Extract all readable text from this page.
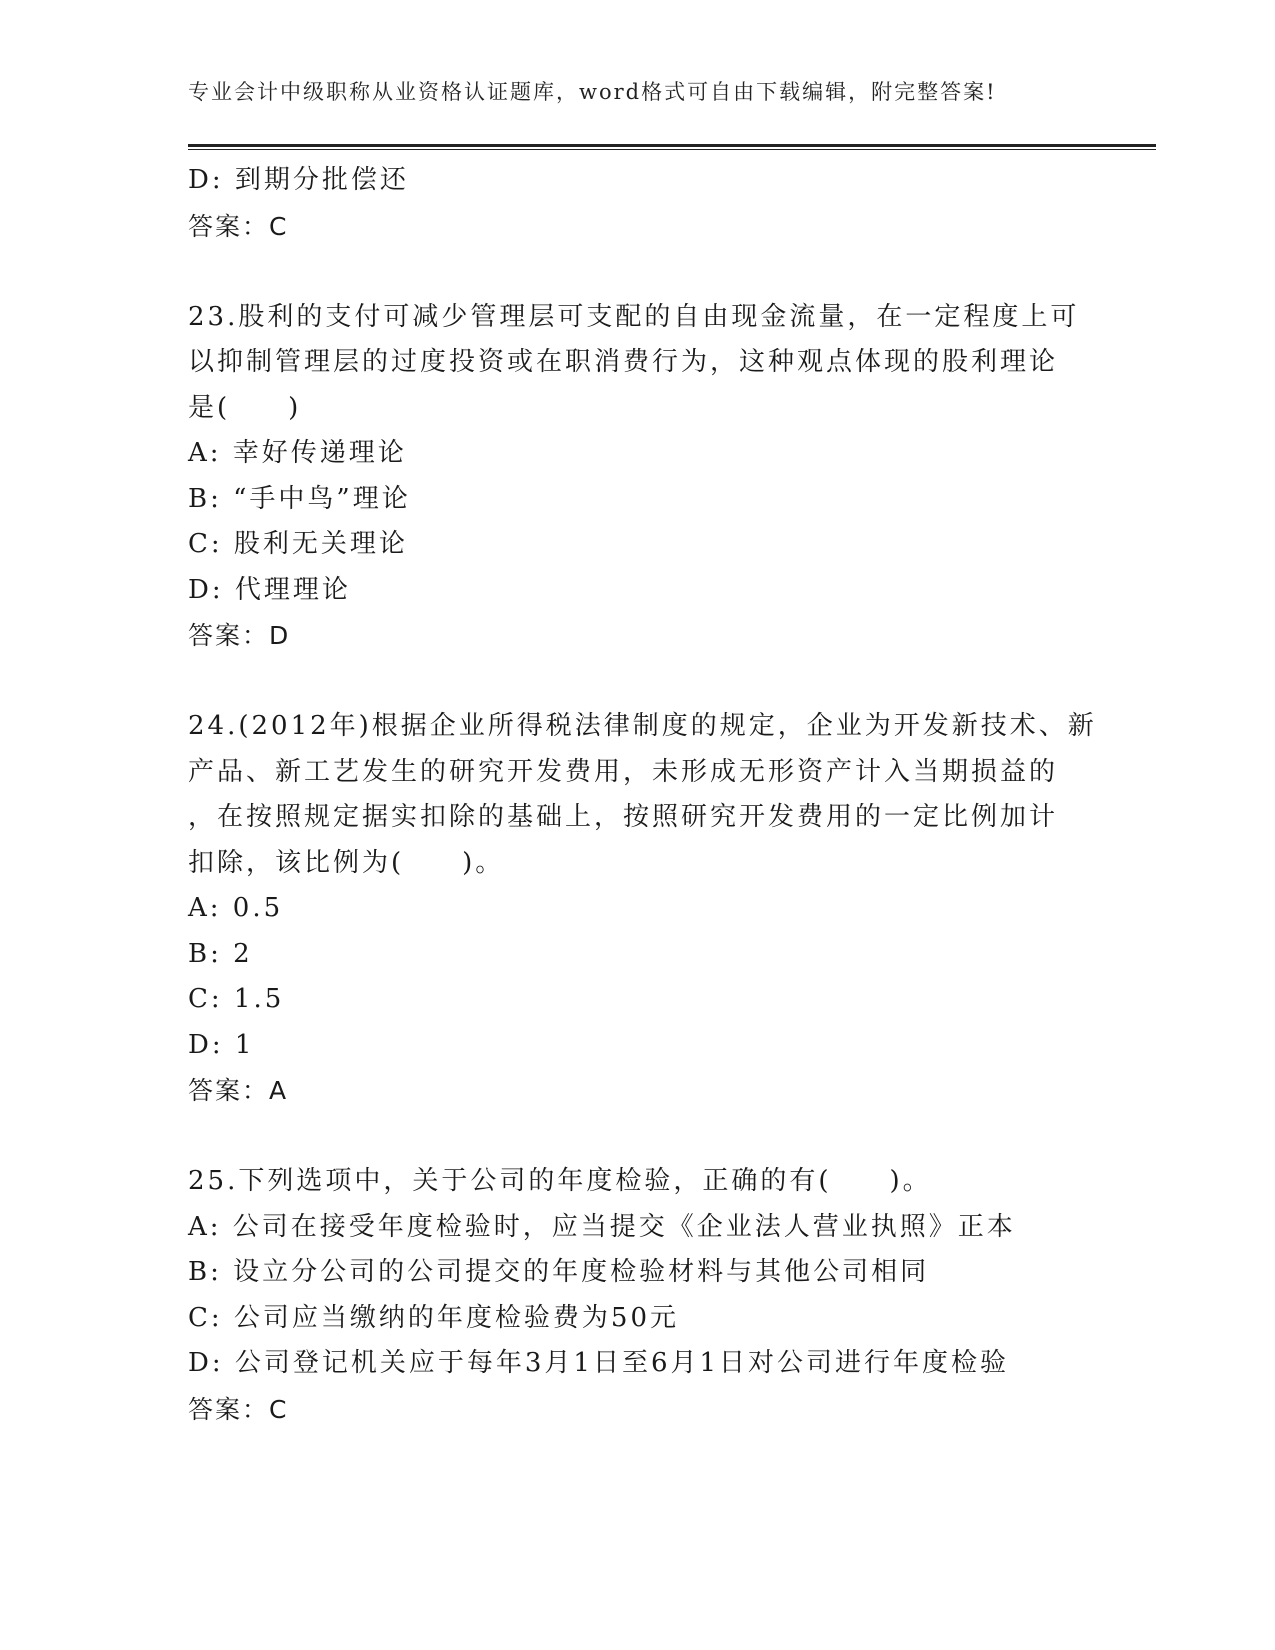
专业会计中级职称从业资格认证题库，word格式可自由下载编辑，附完整答案!
D: 到期分批偿还
答案：C
23.股利的支付可减少管理层可支配的自由现金流量，在一定程度上可
以抑制管理层的过度投资或在职消费行为，这种观点体现的股利理论
是(　　)
A: 幸好传递理论
B: “手中鸟”理论
C: 股利无关理论
D: 代理理论
答案：D
24.(2012年)根据企业所得税法律制度的规定，企业为开发新技术、新
产品、新工艺发生的研究开发费用，未形成无形资产计入当期损益的
，在按照规定据实扣除的基础上，按照研究开发费用的一定比例加计
扣除，该比例为(　　)。
A: 0.5
B: 2
C: 1.5
D: 1
答案：A
25.下列选项中，关于公司的年度检验，正确的有(　　)。
A: 公司在接受年度检验时，应当提交《企业法人营业执照》正本
B: 设立分公司的公司提交的年度检验材料与其他公司相同
C: 公司应当缴纳的年度检验费为50元
D: 公司登记机关应于每年3月1日至6月1日对公司进行年度检验
答案：C
